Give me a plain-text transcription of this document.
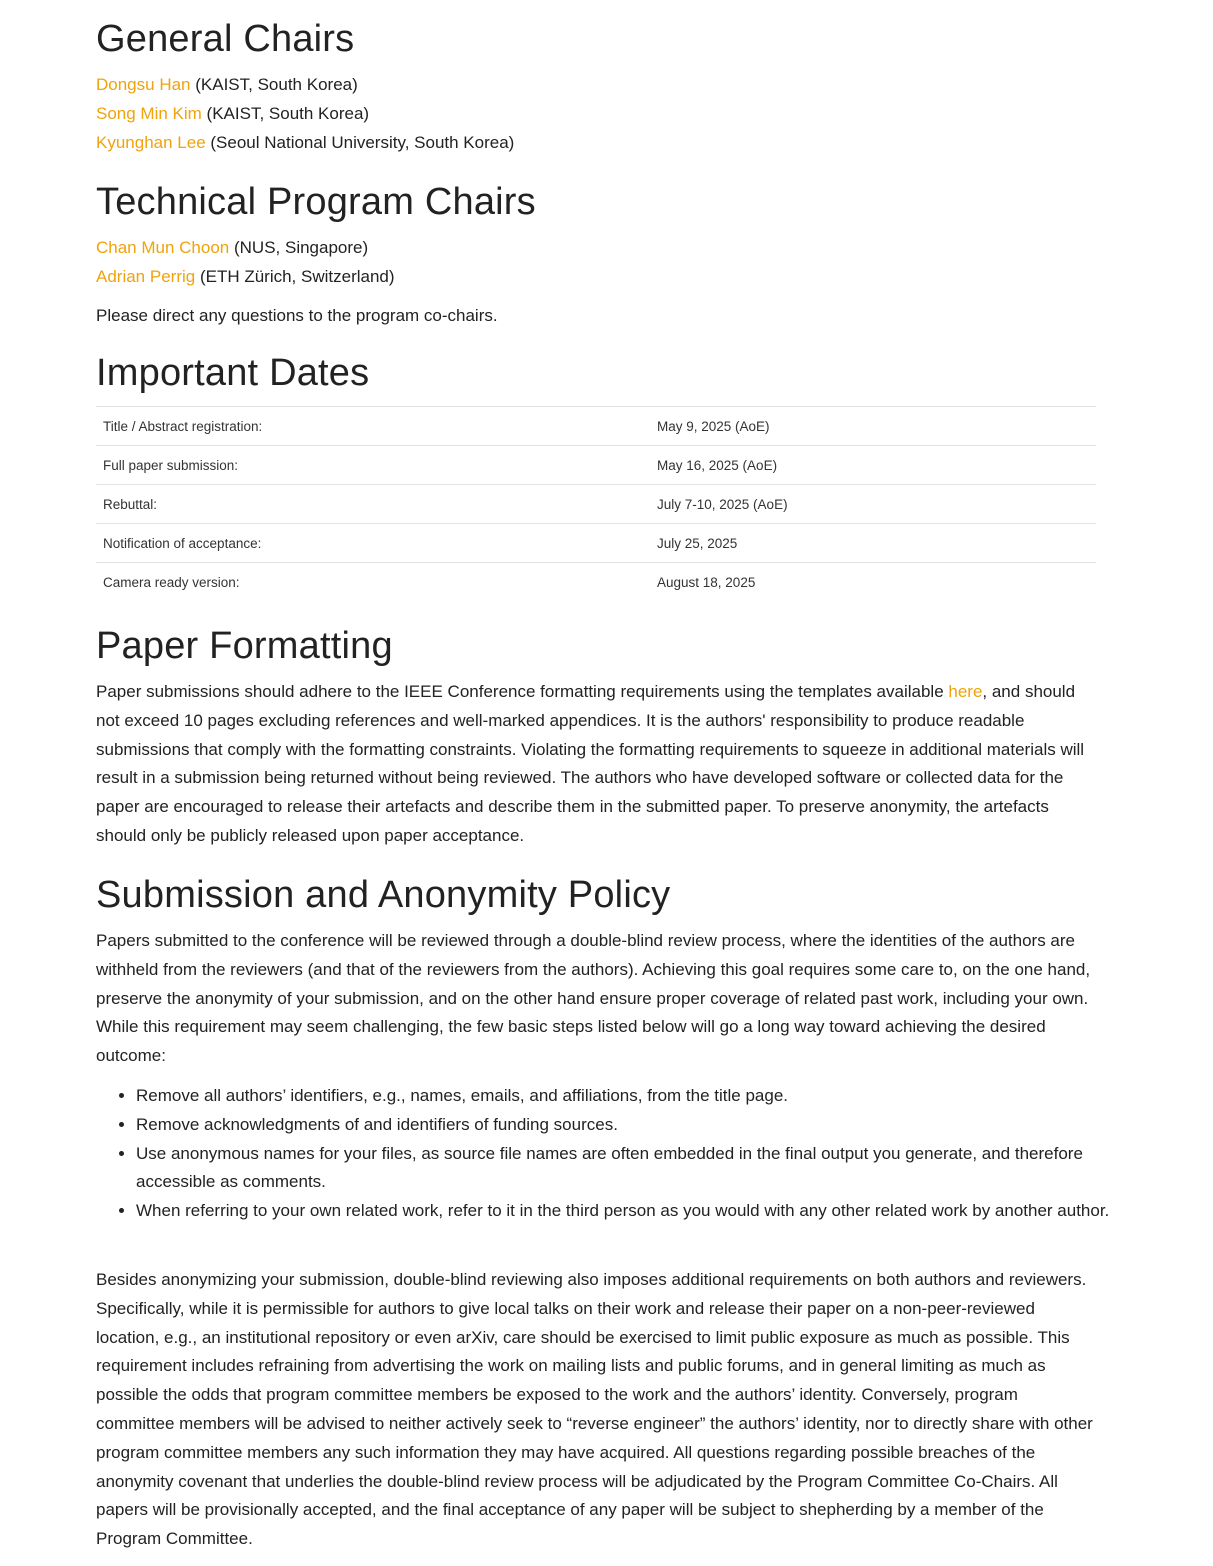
General Chairs
Dongsu Han (KAIST, South Korea)
Song Min Kim (KAIST, South Korea)
Kyunghan Lee (Seoul National University, South Korea)
Technical Program Chairs
Chan Mun Choon (NUS, Singapore)
Adrian Perrig (ETH Zürich, Switzerland)

Please direct any questions to the program co-chairs.

Important Dates
Title / Abstract registration:	May 9, 2025 (AoE)
Full paper submission:	May 16, 2025 (AoE)
Rebuttal:	July 7-10, 2025 (AoE)
Notification of acceptance:	July 25, 2025
Camera ready version:	August 18, 2025
Paper Formatting

Paper submissions should adhere to the IEEE Conference formatting requirements using the templates available here, and should not exceed 10 pages excluding references and well-marked appendices. It is the authors' responsibility to produce readable submissions that comply with the formatting constraints. Violating the formatting requirements to squeeze in additional materials will result in a submission being returned without being reviewed. The authors who have developed software or collected data for the paper are encouraged to release their artefacts and describe them in the submitted paper. To preserve anonymity, the artefacts should only be publicly released upon paper acceptance.

Submission and Anonymity Policy

Papers submitted to the conference will be reviewed through a double-blind review process, where the identities of the authors are withheld from the reviewers (and that of the reviewers from the authors). Achieving this goal requires some care to, on the one hand, preserve the anonymity of your submission, and on the other hand ensure proper coverage of related past work, including your own. While this requirement may seem challenging, the few basic steps listed below will go a long way toward achieving the desired outcome:

• Remove all authors’ identifiers, e.g., names, emails, and affiliations, from the title page.
• Remove acknowledgments of and identifiers of funding sources.
• Use anonymous names for your files, as source file names are often embedded in the final output you generate, and therefore accessible as comments.
• When referring to your own related work, refer to it in the third person as you would with any other related work by another author.

Besides anonymizing your submission, double-blind reviewing also imposes additional requirements on both authors and reviewers. Specifically, while it is permissible for authors to give local talks on their work and release their paper on a non-peer-reviewed location, e.g., an institutional repository or even arXiv, care should be exercised to limit public exposure as much as possible. This requirement includes refraining from advertising the work on mailing lists and public forums, and in general limiting as much as possible the odds that program committee members be exposed to the work and the authors’ identity. Conversely, program committee members will be advised to neither actively seek to “reverse engineer” the authors’ identity, nor to directly share with other program committee members any such information they may have acquired. All questions regarding possible breaches of the anonymity covenant that underlies the double-blind review process will be adjudicated by the Program Committee Co-Chairs. All papers will be provisionally accepted, and the final acceptance of any paper will be subject to shepherding by a member of the Program Committee.
